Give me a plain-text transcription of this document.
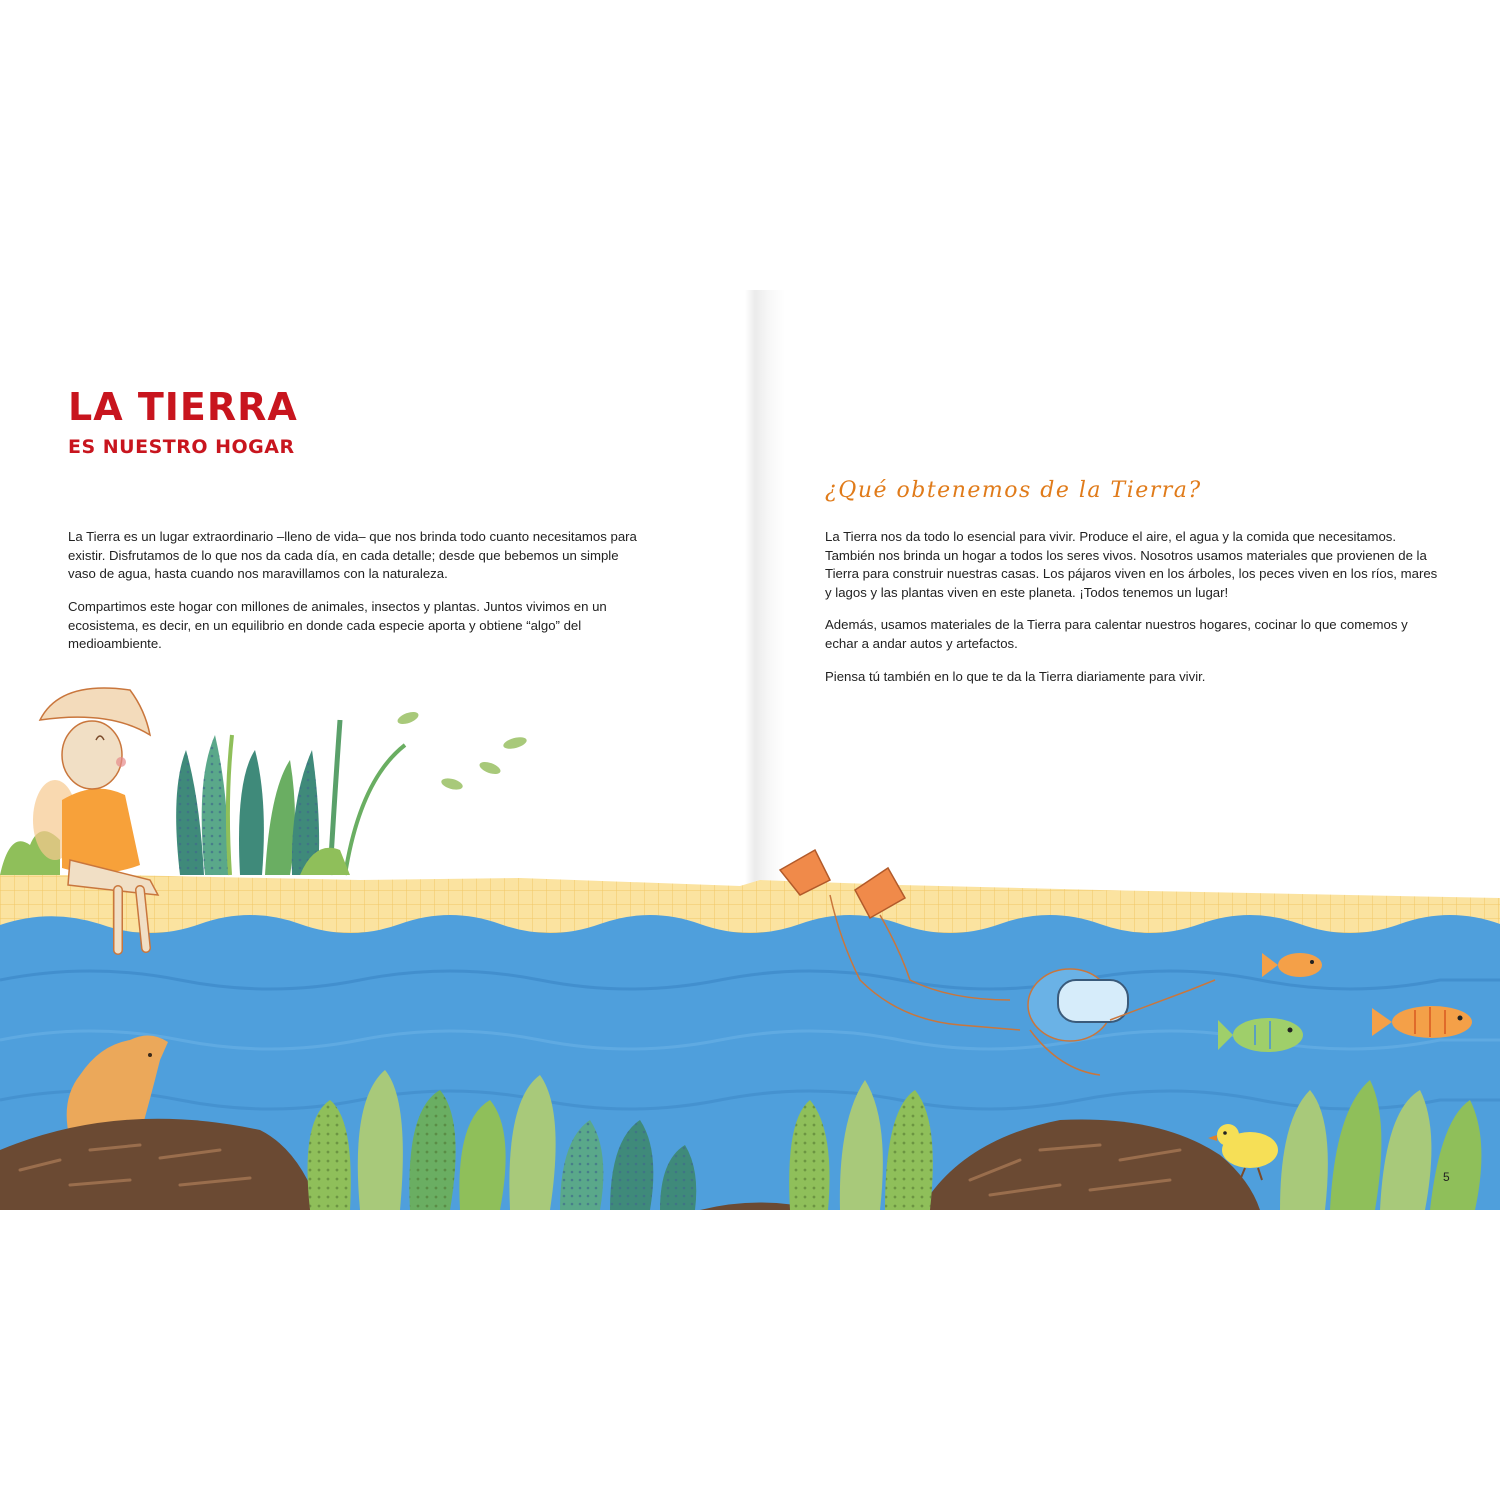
LA TIERRA
ES NUESTRO HOGAR

La Tierra es un lugar extraordinario –lleno de vida– que nos brinda todo cuanto necesitamos para existir. Disfrutamos de lo que nos da cada día, en cada detalle; desde que bebemos un simple vaso de agua, hasta cuando nos maravillamos con la naturaleza.

Compartimos este hogar con millones de animales, insectos y plantas. Juntos vivimos en un ecosistema, es decir, en un equilibrio en donde cada especie aporta y obtiene “algo” del medioambiente.

¿Qué obtenemos de la Tierra?

La Tierra nos da todo lo esencial para vivir. Produce el aire, el agua y la comida que necesitamos. También nos brinda un hogar a todos los seres vivos. Nosotros usamos materiales que provienen de la Tierra para construir nuestras casas. Los pájaros viven en los árboles, los peces viven en los ríos, mares y lagos y las plantas viven en este planeta. ¡Todos tenemos un lugar!

Además, usamos materiales de la Tierra para calentar nuestros hogares, cocinar lo que comemos y echar a andar autos y artefactos.

Piensa tú también en lo que te da la Tierra diariamente para vivir.

5
